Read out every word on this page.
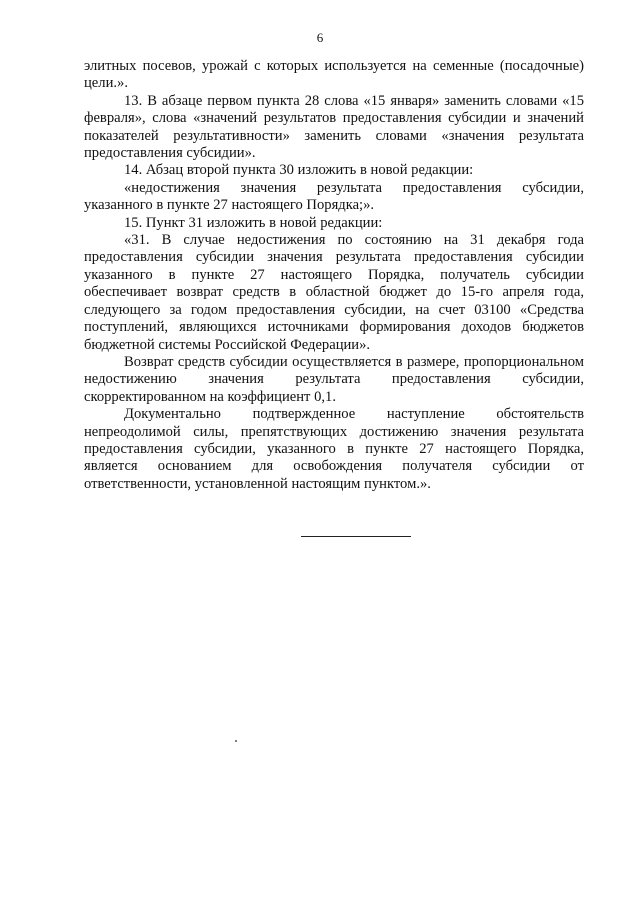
6

элитных посевов, урожай с которых используется на семенные (посадочные) цели.».

13. В абзаце первом пункта 28 слова «15 января» заменить словами «15 февраля», слова «значений результатов предоставления субсидии и значений показателей результативности» заменить словами «значения результата предоставления субсидии».

14. Абзац второй пункта 30 изложить в новой редакции:

«недостижения значения результата предоставления субсидии, указанного в пункте 27 настоящего Порядка;».

15. Пункт 31 изложить в новой редакции:

«31. В случае недостижения по состоянию на 31 декабря года предоставления субсидии значения результата предоставления субсидии указанного в пункте 27 настоящего Порядка, получатель субсидии обеспечивает возврат средств в областной бюджет до 15-го апреля года, следующего за годом предоставления субсидии, на счет 03100 «Средства поступлений, являющихся источниками формирования доходов бюджетов бюджетной системы Российской Федерации».

Возврат средств субсидии осуществляется в размере, пропорциональном недостижению значения результата предоставления субсидии, скорректированном на коэффициент 0,1.

Документально подтвержденное наступление обстоятельств непреодолимой силы, препятствующих достижению значения результата предоставления субсидии, указанного в пункте 27 настоящего Порядка, является основанием для освобождения получателя субсидии от ответственности, установленной настоящим пунктом.».
